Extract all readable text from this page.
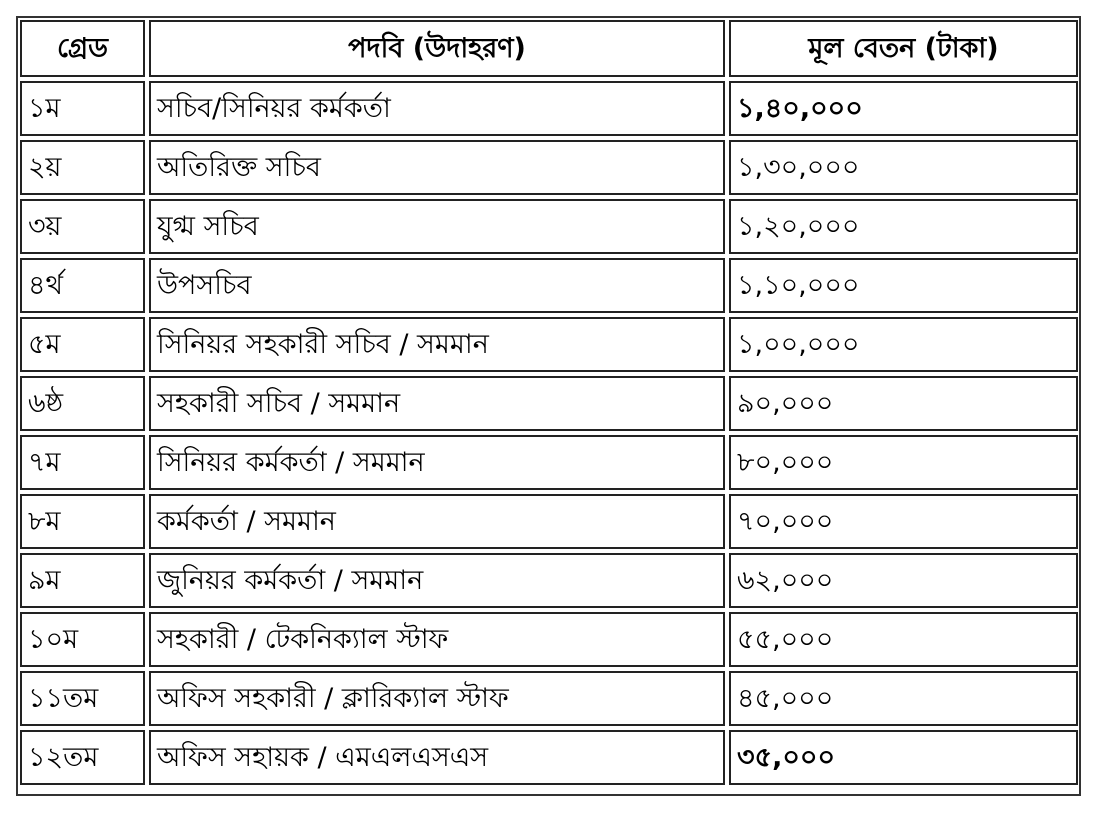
গ্রেড	পদবি (উদাহরণ)	মূল বেতন (টাকা)
১ম	সচিব/সিনিয়র কর্মকর্তা	১,৪০,০০০
২য়	অতিরিক্ত সচিব	১,৩০,০০০
৩য়	যুগ্ম সচিব	১,২০,০০০
৪র্থ	উপসচিব	১,১০,০০০
৫ম	সিনিয়র সহকারী সচিব / সমমান	১,০০,০০০
৬ষ্ঠ	সহকারী সচিব / সমমান	৯০,০০০
৭ম	সিনিয়র কর্মকর্তা / সমমান	৮০,০০০
৮ম	কর্মকর্তা / সমমান	৭০,০০০
৯ম	জুনিয়র কর্মকর্তা / সমমান	৬২,০০০
১০ম	সহকারী / টেকনিক্যাল স্টাফ	৫৫,০০০
১১তম	অফিস সহকারী / ক্লারিক্যাল স্টাফ	৪৫,০০০
১২তম	অফিস সহায়ক / এমএলএসএস	৩৫,০০০
